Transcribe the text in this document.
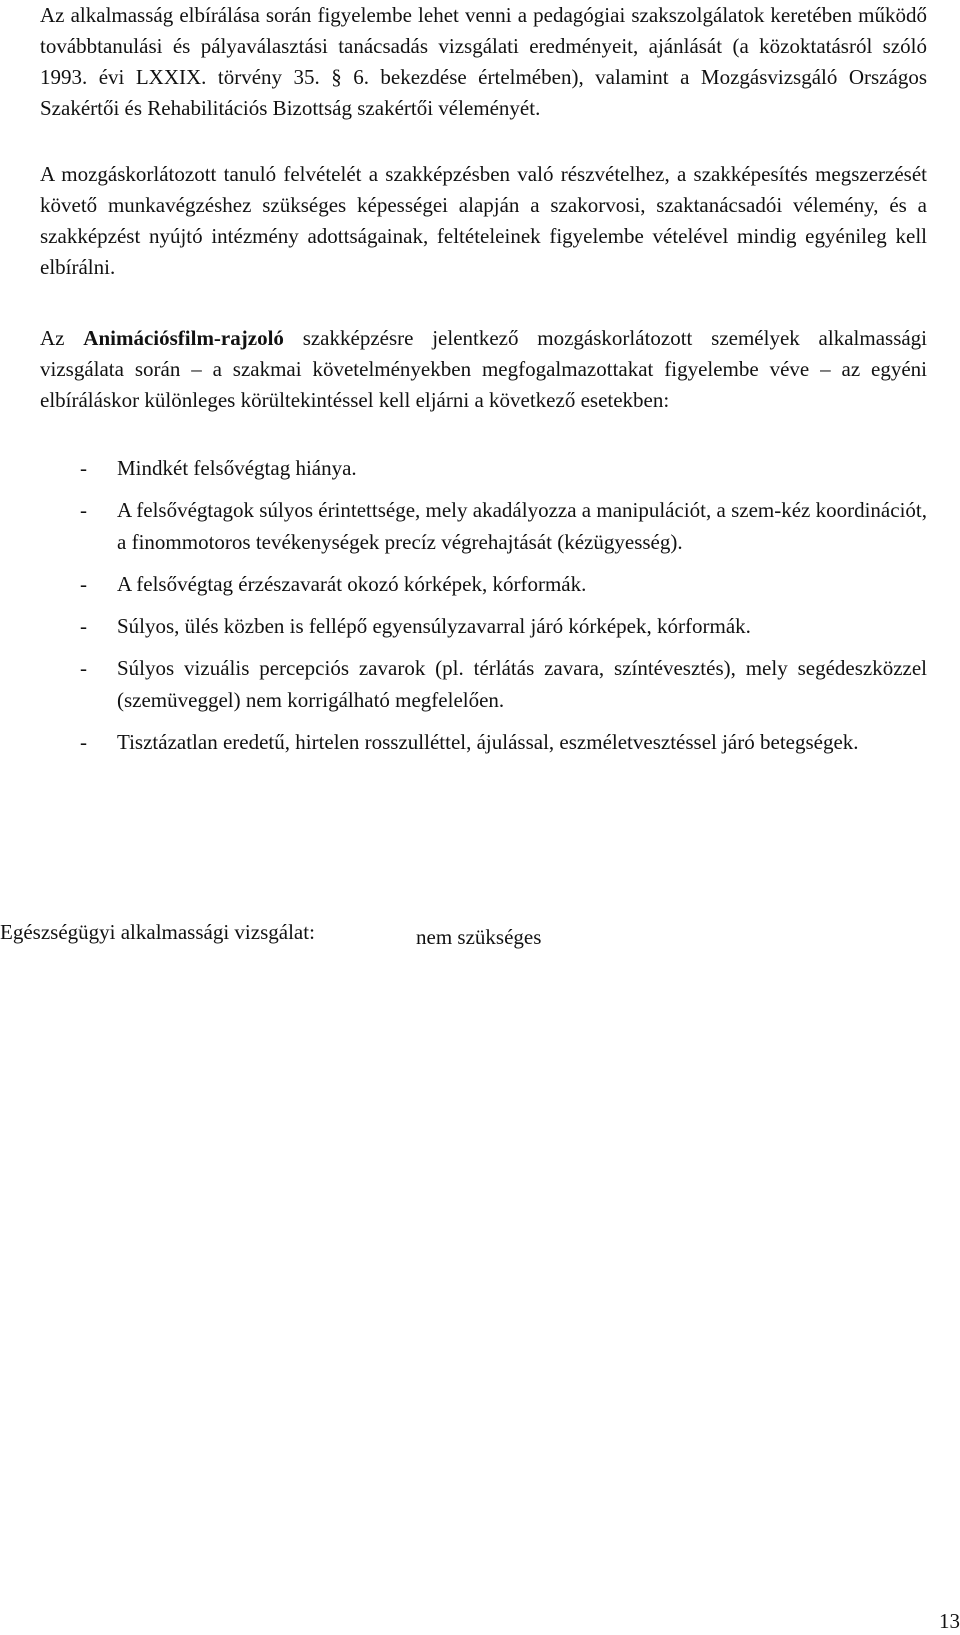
Az alkalmasság elbírálása során figyelembe lehet venni a pedagógiai szakszolgálatok keretében működő továbbtanulási és pályaválasztási tanácsadás vizsgálati eredményeit, ajánlását (a közoktatásról szóló 1993. évi LXXIX. törvény 35. § 6. bekezdése értelmében), valamint a Mozgásvizsgáló Országos Szakértői és Rehabilitációs Bizottság szakértői véleményét.

A mozgáskorlátozott tanuló felvételét a szakképzésben való részvételhez, a szakképesítés megszerzését követő munkavégzéshez szükséges képességei alapján a szakorvosi, szaktanácsadói vélemény, és a szakképzést nyújtó intézmény adottságainak, feltételeinek figyelembe vételével mindig egyénileg kell elbírálni.

Az Animációsfilm-rajzoló szakképzésre jelentkező mozgáskorlátozott személyek alkalmassági vizsgálata során – a szakmai követelményekben megfogalmazottakat figyelembe véve – az egyéni elbíráláskor különleges körültekintéssel kell eljárni a következő esetekben:

- Mindkét felsővégtag hiánya.
- A felsővégtagok súlyos érintettsége, mely akadályozza a manipulációt, a szem-kéz koordinációt, a finommotoros tevékenységek precíz végrehajtását (kézügyesség).
- A felsővégtag érzészavarát okozó kórképek, kórformák.
- Súlyos, ülés közben is fellépő egyensúlyzavarral járó kórképek, kórformák.
- Súlyos vizuális percepciós zavarok (pl. térlátás zavara, színtévesztés), mely segédeszközzel (szemüveggel) nem korrigálható megfelelően.
- Tisztázatlan eredetű, hirtelen rosszulléttel, ájulással, eszméletvesztéssel járó betegségek.
Egészségügyi alkalmassági vizsgálat:	nem szükséges
13
